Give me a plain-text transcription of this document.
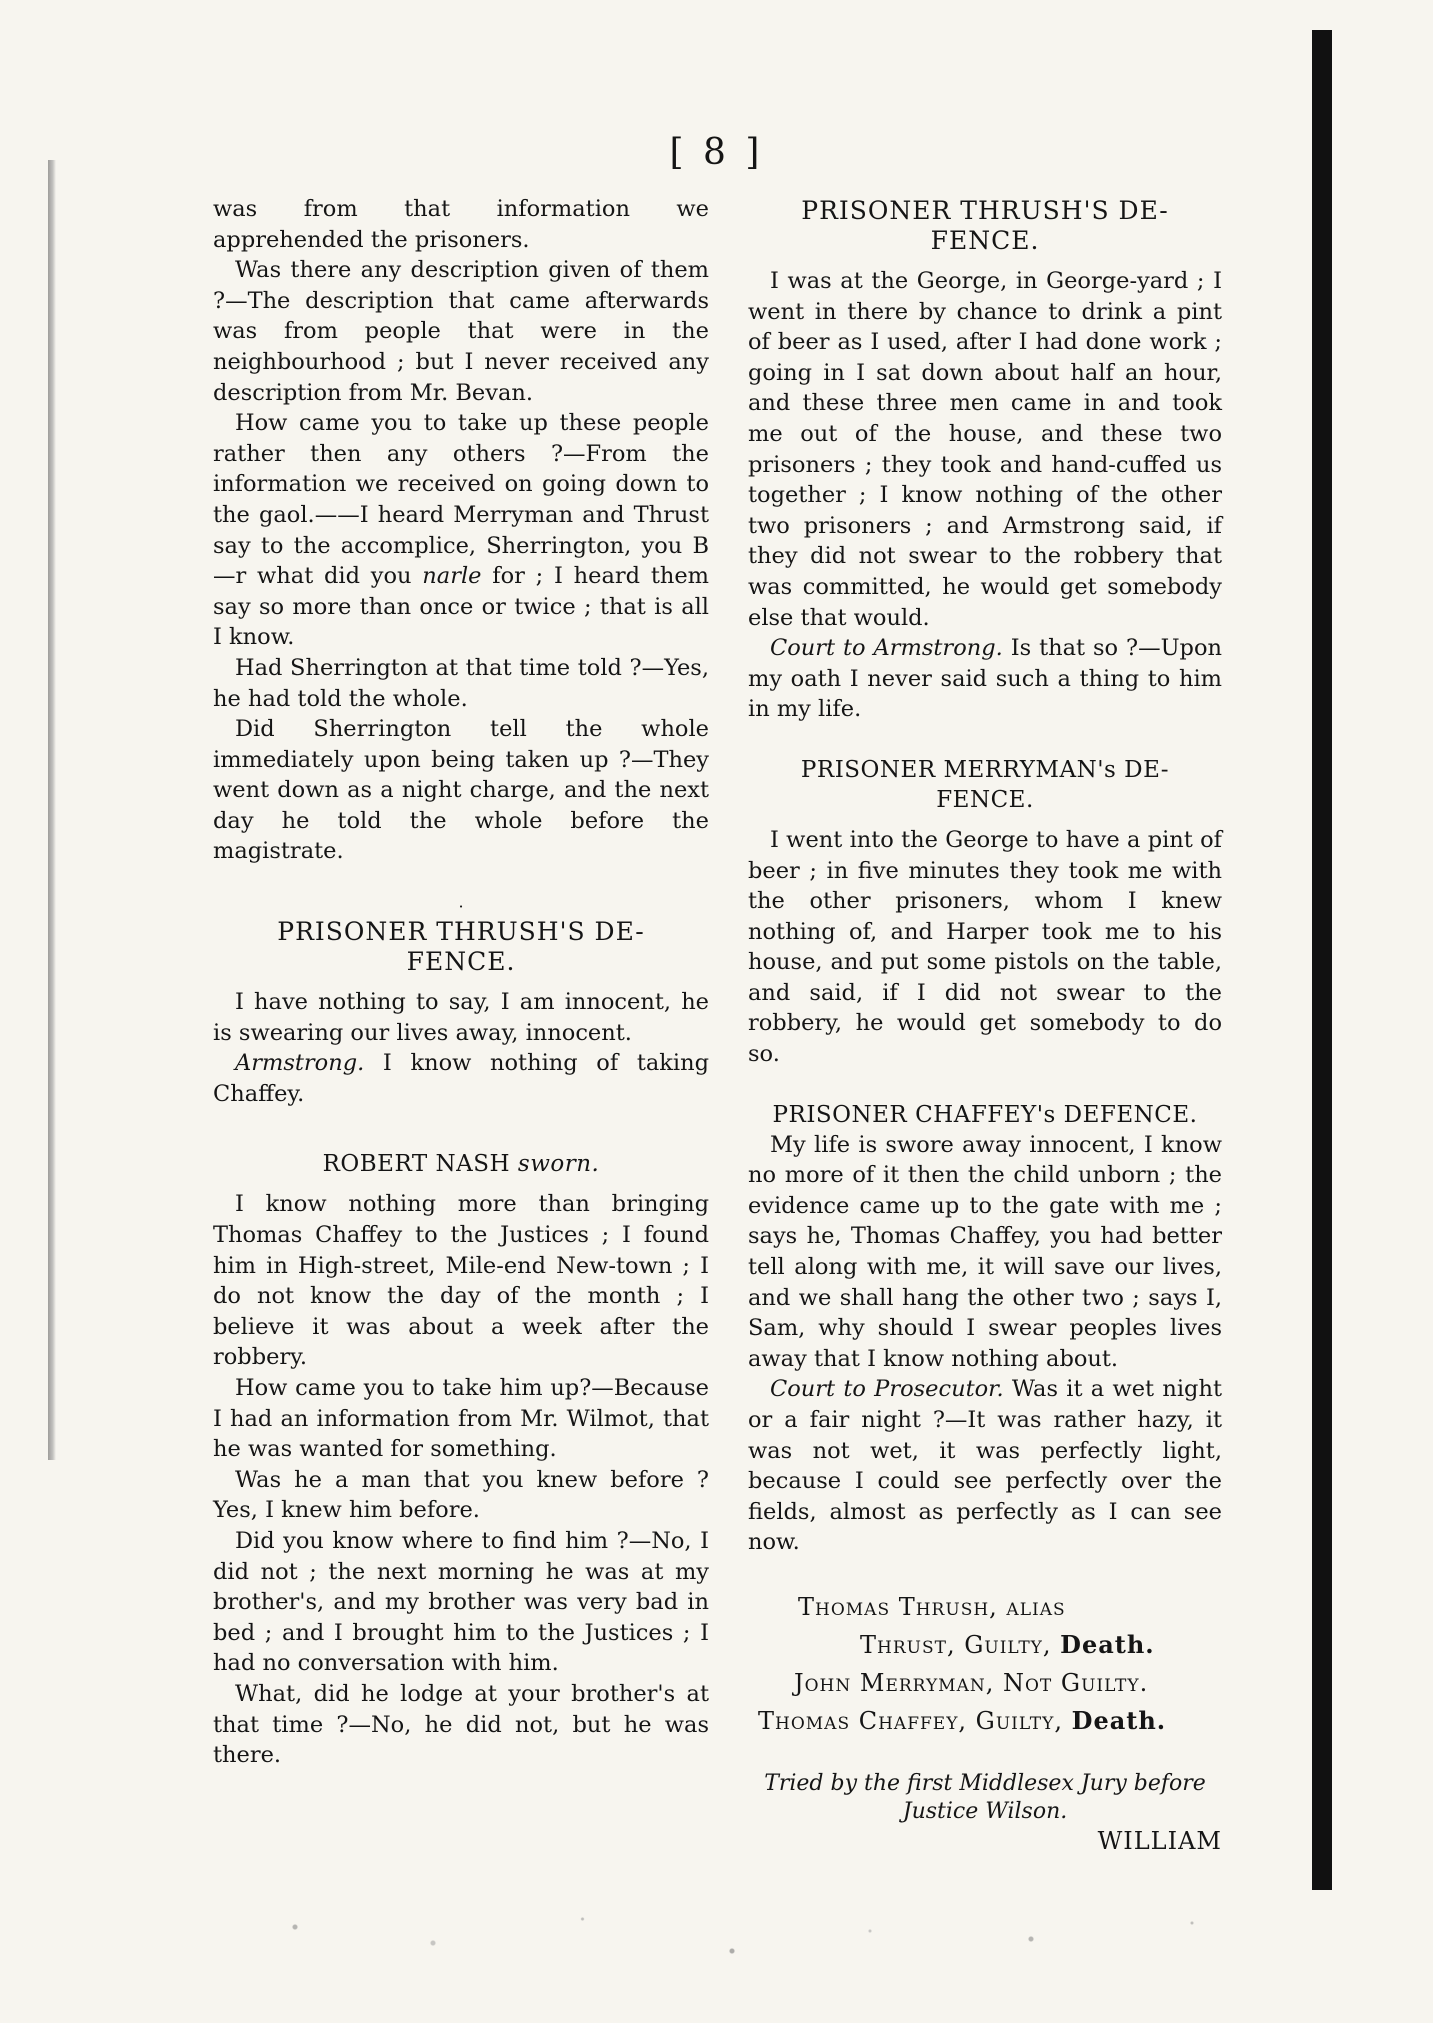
[ 8 ]

was from that information we apprehended the prisoners.

Was there any description given of them ?—The description that came afterwards was from people that were in the neighbourhood ; but I never received any description from Mr. Bevan.

How came you to take up these people rather then any others ?—From the information we received on going down to the gaol.——I heard Merryman and Thrust say to the accomplice, Sherrington, you B—r what did you narle for ; I heard them say so more than once or twice ; that is all I know.

Had Sherrington at that time told ?—Yes, he had told the whole.

Did Sherrington tell the whole immediately upon being taken up ?—They went down as a night charge, and the next day he told the whole before the magistrate.

·

PRISONER THRUSH'S DE-

FENCE.

I have nothing to say, I am innocent, he is swearing our lives away, innocent.

Armstrong. I know nothing of taking Chaffey.

ROBERT NASH sworn.

I know nothing more than bringing Thomas Chaffey to the Justices ; I found him in High-street, Mile-end New-town ; I do not know the day of the month ; I believe it was about a week after the robbery.

How came you to take him up?—Because I had an information from Mr. Wilmot, that he was wanted for something.

Was he a man that you knew before ? Yes, I knew him before.

Did you know where to find him ?—No, I did not ; the next morning he was at my brother's, and my brother was very bad in bed ; and I brought him to the Justices ; I had no conversation with him.

What, did he lodge at your brother's at that time ?—No, he did not, but he was there.

PRISONER THRUSH'S DE-

FENCE.

I was at the George, in George-yard ; I went in there by chance to drink a pint of beer as I used, after I had done work ; going in I sat down about half an hour, and these three men came in and took me out of the house, and these two prisoners ; they took and hand-cuffed us together ; I know nothing of the other two prisoners ; and Armstrong said, if they did not swear to the robbery that was committed, he would get somebody else that would.

Court to Armstrong. Is that so ?—Upon my oath I never said such a thing to him in my life.

PRISONER MERRYMAN's DE-

FENCE.

I went into the George to have a pint of beer ; in five minutes they took me with the other prisoners, whom I knew nothing of, and Harper took me to his house, and put some pistols on the table, and said, if I did not swear to the robbery, he would get somebody to do so.

PRISONER CHAFFEY's DEFENCE.

My life is swore away innocent, I know no more of it then the child unborn ; the evidence came up to the gate with me ; says he, Thomas Chaffey, you had better tell along with me, it will save our lives, and we shall hang the other two ; says I, Sam, why should I swear peoples lives away that I know nothing about.

Court to Prosecutor. Was it a wet night or a fair night ?—It was rather hazy, it was not wet, it was perfectly light, because I could see perfectly over the fields, almost as perfectly as I can see now.

Thomas Thrush, alias

Thrust, Guilty, Death.

John Merryman, Not Guilty.

Thomas Chaffey, Guilty, Death.

Tried by the first Middlesex Jury before

Justice Wilson.

WILLIAM
